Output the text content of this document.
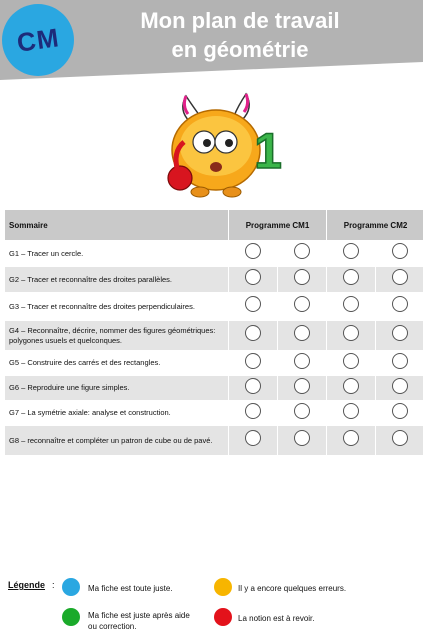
CM
Mon plan de travail
en géométrie
1
Sommaire	Programme CM1		Programme CM2	
G1 – Tracer un cercle.				
G2 – Tracer et reconnaître des droites parallèles.				
G3 – Tracer et reconnaître des droites perpendiculaires.				
G4 – Reconnaître, décrire, nommer des figures géométriques: polygones usuels et quelconques.				
G5 – Construire des carrés et des rectangles.				
G6 – Reproduire une figure simples.				
G7 – La symétrie axiale: analyse et construction.				
G8 – reconnaître et compléter un patron de cube ou de pavé.				
Légende :	Ma fiche est toute juste.	Il y a encore quelques erreurs.
Ma fiche est juste après aide ou correction.
La notion est à revoir.
